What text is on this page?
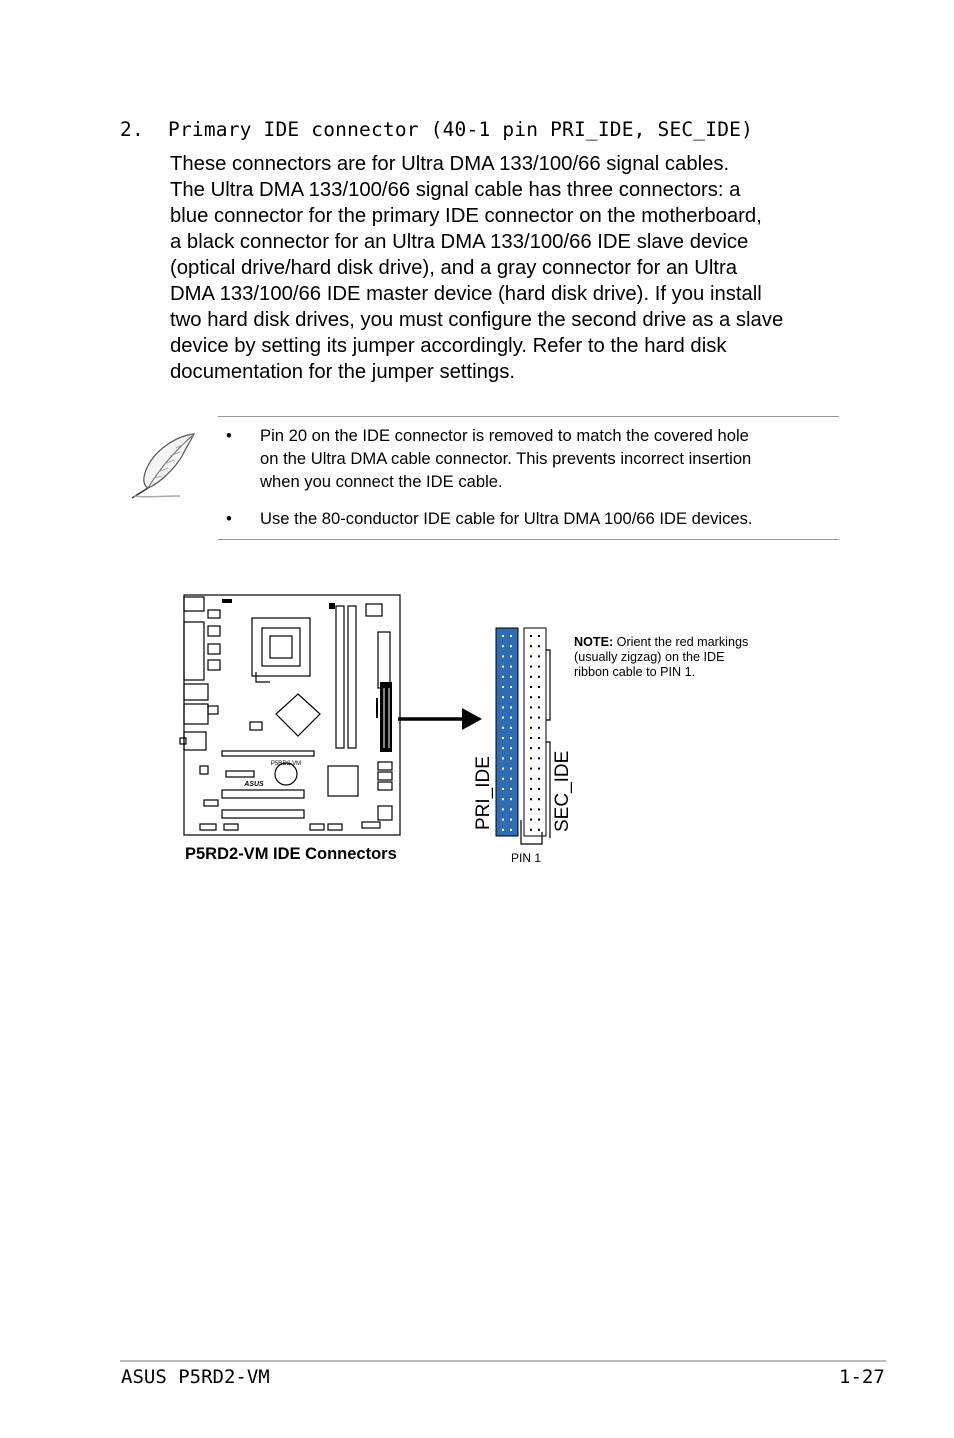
2. Primary IDE connector (40-1 pin PRI_IDE, SEC_IDE)
These connectors are for Ultra DMA 133/100/66 signal cables.
The Ultra DMA 133/100/66 signal cable has three connectors: a
blue connector for the primary IDE connector on the motherboard,
a black connector for an Ultra DMA 133/100/66 IDE slave device
(optical drive/hard disk drive), and a gray connector for an Ultra
DMA 133/100/66 IDE master device (hard disk drive). If you install
two hard disk drives, you must configure the second drive as a slave
device by setting its jumper accordingly. Refer to the hard disk
documentation for the jumper settings.
• Pin 20 on the IDE connector is removed to match the covered hole
on the Ultra DMA cable connector. This prevents incorrect insertion
when you connect the IDE cable.
• Use the 80-conductor IDE cable for Ultra DMA 100/66 IDE devices.
P5RD2-VM
ASUS	PRI_IDE	SEC_IDE
PIN 1
NOTE: Orient the red markings
(usually zigzag) on the IDE
ribbon cable to PIN 1.
P5RD2-VM IDE Connectors
ASUS P5RD2-VM	1-27
